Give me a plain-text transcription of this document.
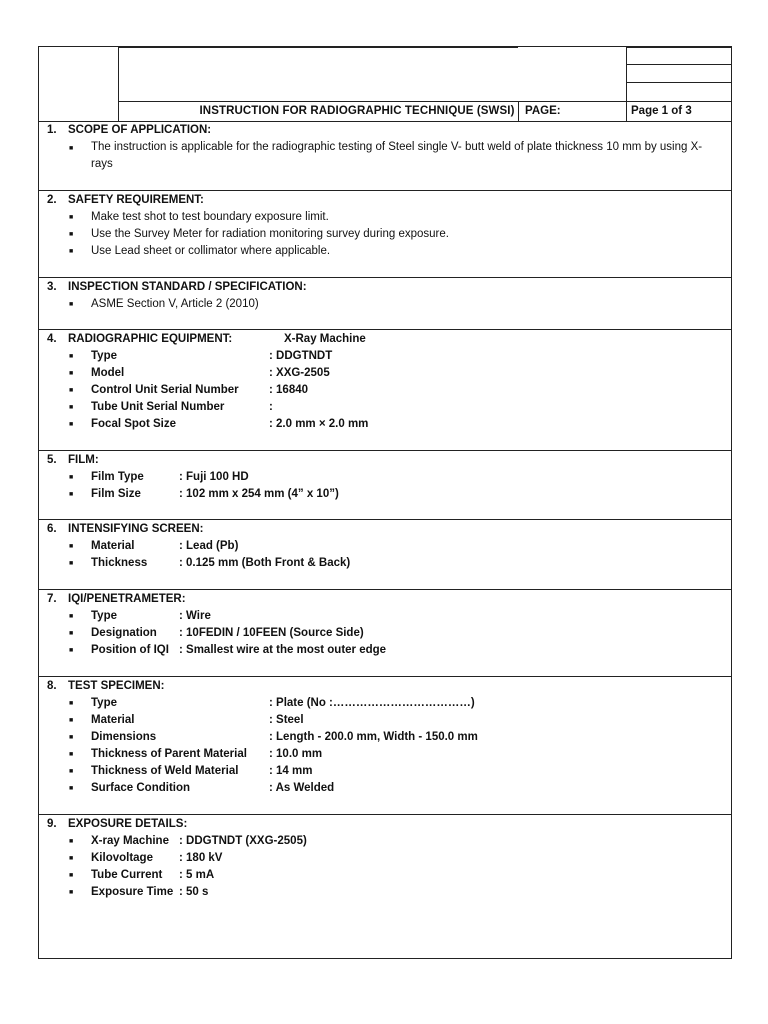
INSTRUCTION FOR RADIOGRAPHIC TECHNIQUE (SWSI) PAGE:	Page 1 of 3
1. SCOPE OF APPLICATION:
■ The instruction is applicable for the radiographic testing of Steel single V- butt weld of plate thickness 10 mm by using X-rays
2. SAFETY REQUIREMENT:
■ Make test shot to test boundary exposure limit.
■ Use the Survey Meter for radiation monitoring survey during exposure.
■ Use Lead sheet or collimator where applicable.
3. INSPECTION STANDARD / SPECIFICATION:
■ ASME Section V, Article 2 (2010)
4. RADIOGRAPHIC EQUIPMENT:	X-Ray Machine
■ Type	: DDGTNDT
■ Model	: XXG-2505
■ Control Unit Serial Number	: 16840
■ Tube Unit Serial Number	:
■ Focal Spot Size	: 2.0 mm × 2.0 mm
5. FILM:
■ Film Type	: Fuji 100 HD
■ Film Size	: 102 mm x 254 mm (4” x 10”)
6. INTENSIFYING SCREEN:
■ Material	: Lead (Pb)
■ Thickness	: 0.125 mm (Both Front & Back)
7. IQI/PENETRAMETER:
■ Type	: Wire
■ Designation : 10FEDIN / 10FEEN (Source Side)
■ Position of IQI : Smallest wire at the most outer edge
8. TEST SPECIMEN:
■ Type	: Plate (No :………………………………)
■ Material	: Steel
■ Dimensions	: Length - 200.0 mm, Width - 150.0 mm
■ Thickness of Parent Material : 10.0 mm
■ Thickness of Weld Material	: 14 mm
■ Surface Condition	: As Welded
9. EXPOSURE DETAILS:
■ X-ray Machine : DDGTNDT (XXG-2505)
■ Kilovoltage : 180 kV
■ Tube Current : 5 mA
■ Exposure Time : 50 s
